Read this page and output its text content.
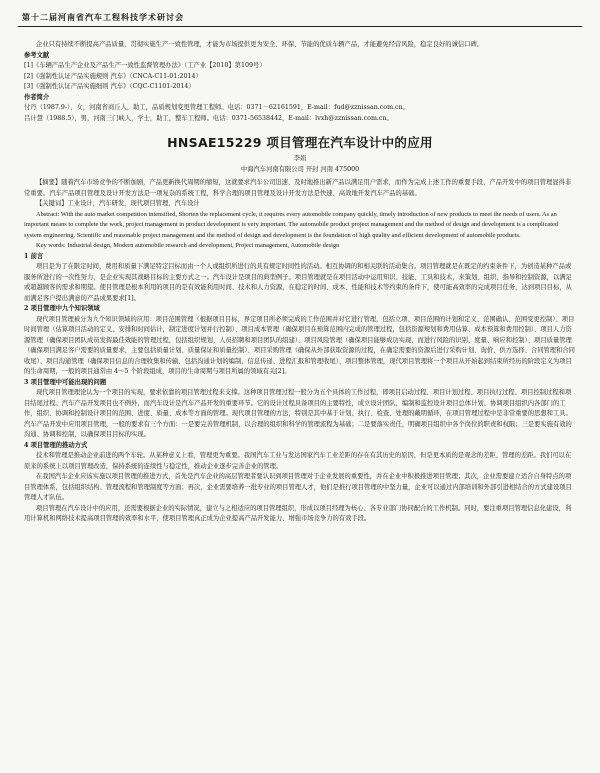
第十二届河南省汽车工程科技学术研讨会

企业只有持续不断提高产品质量，贯彻实施生产一致性管理，才能为市场提供更为安全、环保、节能的优质车辆产品，才能避免经营风险，稳定良好的诚信口碑。

参考文献

[1]《车辆产品生产企业及产品生产一致性监督管理办法》（工产业【2010】第109号）

[2]《强制性认证产品实施规则 汽车》（CNCA-C11-01:2014）

[3]《强制性认证产品实施细则 汽车》（CQC-C1101-2014）

作者简介

付丹（1987.9-），女，河南省商丘人，助工，品质规划变更管理工程师。电话：0371－62161591，E-mail：fud@zznissan.com.cn。

吕计慧（1988.5），男，河南三门峡人，学士，助工，整车工程师。电话：0371-56538442，E-mail：lvxh@zznissan.com.cn。

HNSAE15229 项目管理在汽车设计中的应用

李娟

中海汽车河南有限公司 开封 河南 475000

【摘要】随着汽车市场竞争的不断加剧，产品更新换代周期的缩短，这就要求汽车公司迅速、及时地推出新产品以满足用户需求，而作为完成上述工作的重要手段，产品开发中的项目管理显得非常重要。汽车产品项目管理及设计开发方法是一项复杂的系统工程，科学合理的项目管理及设计开发方法是快速、高效地开发汽车产品的基础。

【关键词】工业设计，汽车研发，现代项目管理，汽车设计

Abstract: With the auto market competition intensified, Shorten the replacement cycle, it requires every automobile company quickly, timely introduction of new products to meet the needs of users. As an important means to complete the work, project management in product development is very important. The automobile product project management and the method of design and development is a complicated system engineering. Scientific and reasonable project management and the method of design and development is the foundation of high quality and efficient development of automobile products.

Key words: Industrial design, Modern automobile research and development, Project management, Automobile design

1 前言

项目是为了在限定时间，费用和质量下满足特定目标而由一个人或组织所进行的具有规定时间性的活动。相互协调的和相关联的活动集合。项目管理就是在既定的约束条件下，为创造某种产品或服务所进行的一次性努力，是企业实现其战略目标的主要方式之一。汽车设计是项目的典型例子。项目管理就是在项目活动中运用知识、技能、工具和技术，来策划、组织、指导和控制资源，以满足或超越顾客的需求和期望。使目管理是根本利用的项目的是有效能利用时间、技术和人力资源，在稳定的时间、成本、性能和技术等约束的条件下，使可能高效率的完成项目任务，达到项目目标，从而满足客户提出满意的产品成果要求[1]。

2 项目管理中九个知识领域

现代项目管理被分为九个知识领域的应用：项目范围管理（根据项目目标，界定项目所必须完成的工作范围并对它进行管理，包括立项、项目范围的计划和定义、范围确认、范围变更控制）、项目时间管理（估算项目活动的定义、安排和时间估计，制定进度计划并行控制）、项目成本管理（确保项目在预算范围内完成的管理过程，包括资源规划和费用估算、成本预算和费用控制）、项目人力资源管理（确保项目团队成员发挥最佳效能的管理过程，包括组织规划、人员招聘和项目团队的组建）、项目风险管理（确保项目能够成功实现，而进行风险的识别、度量、响应和控制）、项目质量管理（确保项目满足客户需要的质量要求，主要包括质量计划、质量保证和质量控制）、项目采购管理（确保从外部获取资源的过程，在确定需要的资源后进行采购计划、询价、供方选择、合同管理和合同收尾）、项目沟通管理（确保项目信息的合理收集和传输，包括沟通计划的编制、信息传递、进程汇报和管理收尾）、项目整体管理，现代项目管理将一个项目从开始起到结束所经历的阶段定义为项目的生命周期，一般的项目通常由 4～5 个阶段组成，项目的生命周期与项目所属的领域有关[2]。

3 项目管理中可能出现的问题

现代项目管理理论认为一个项目的实现，要求依靠的项目管理过程来支撑。这种项目管理过程一般分为五个具体的工作过程，即项目启动过程、项目计划过程、项目执行过程、项目控制过程和项目结尾过程。汽车产品开发项目也不例外，而汽车设计是汽车产品开发的重要环节。它的设计过程具备项目的主要特性，成立设计团队，编制和监控设计项目总体计划、协调项目组织内各部门的工作，组织、协调和控制设计项目的范围、进度、质量、成本等方面的管理。现代项目管理的方法，特别是其中基于计划、执行、检查、处理的戴明循环，在项目管理过程中是非常重要的思想和工具。汽车产品开发中应用项目管理，一般的要求有三个方面：一是要完善管理机制，以合理的组织和科学的管理流程为基础；二是要落实责任，明确项目组织中各个岗位的职责和权限；三是要实施有效的沟通、协调和控制，以确保项目目标的实现。

4 项目管理的推动方式

技术和管理是推动企业前进的两个车轮。从某种意义上看，管理更为重要。我国汽车工业与发达国家汽车工业差距的存在有其历史的原因，但是更本质的是观念的差距、管理的差距。我们可以在原来的系统上以项目管理改造，保持系统的连续性与稳定性，推动企业逐步完善企业的管理。

在我国汽车企业应该实施以项目管理的推进方式，首先是汽车企业的高层管理者要认识到项目管理对于企业发展的重要性，并在企业中积极推进项目管理；其次，企业需要建立适合自身特点的项目管理体系，包括组织结构、管理流程和管理制度等方面；再次，企业需要培养一批专业的项目管理人才，他们是推行项目管理的中坚力量，企业可以通过内部培训和外部引进相结合的方式建设项目管理人才队伍。

项目管理在汽车设计中的应用，还需要根据企业的实际情况，建立与之相适应的项目管理组织，形成以项目经理为核心、各专业部门协同配合的工作机制。同时，要注重项目管理信息化建设，利用计算机和网络技术提高项目管理的效率和水平，使项目管理真正成为企业提高产品开发能力、增强市场竞争力的有效手段。
